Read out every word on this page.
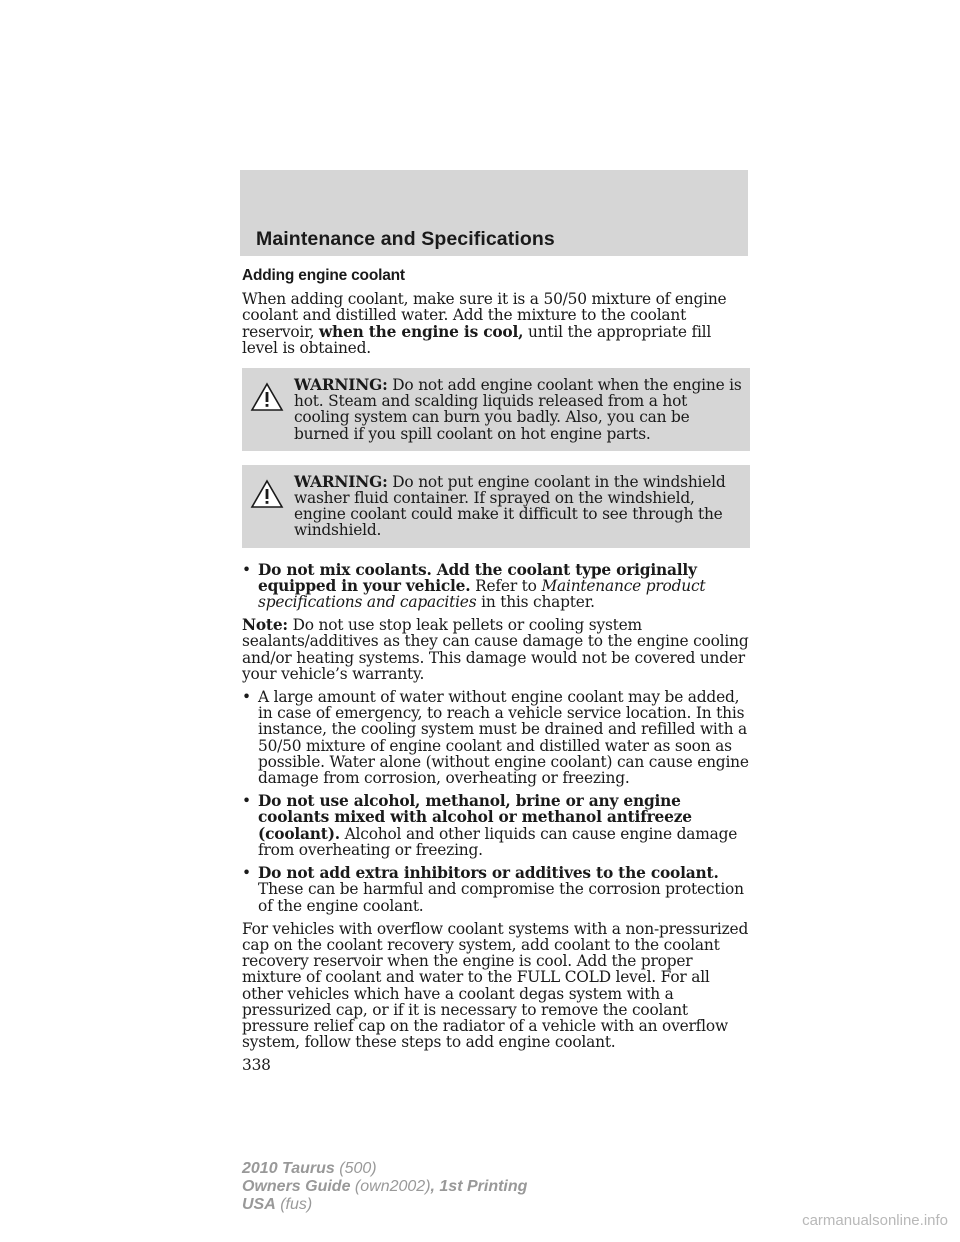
Maintenance and Specifications
Adding engine coolant

When adding coolant, make sure it is a 50/50 mixture of engine coolant and distilled water. Add the mixture to the coolant reservoir, when the engine is cool, until the appropriate fill level is obtained.

WARNING: Do not add engine coolant when the engine is hot. Steam and scalding liquids released from a hot cooling system can burn you badly. Also, you can be burned if you spill coolant on hot engine parts.
WARNING: Do not put engine coolant in the windshield washer fluid container. If sprayed on the windshield, engine coolant could make it difficult to see through the windshield.
• Do not mix coolants. Add the coolant type originally equipped in your vehicle. Refer to Maintenance product specifications and capacities in this chapter.

Note: Do not use stop leak pellets or cooling system sealants/additives as they can cause damage to the engine cooling and/or heating systems. This damage would not be covered under your vehicle’s warranty.

• A large amount of water without engine coolant may be added, in case of emergency, to reach a vehicle service location. In this instance, the cooling system must be drained and refilled with a 50/50 mixture of engine coolant and distilled water as soon as possible. Water alone (without engine coolant) can cause engine damage from corrosion, overheating or freezing.
• Do not use alcohol, methanol, brine or any engine coolants mixed with alcohol or methanol antifreeze (coolant). Alcohol and other liquids can cause engine damage from overheating or freezing.
• Do not add extra inhibitors or additives to the coolant. These can be harmful and compromise the corrosion protection of the engine coolant.

For vehicles with overflow coolant systems with a non-pressurized cap on the coolant recovery system, add coolant to the coolant recovery reservoir when the engine is cool. Add the proper mixture of coolant and water to the FULL COLD level. For all other vehicles which have a coolant degas system with a pressurized cap, or if it is necessary to remove the coolant pressure relief cap on the radiator of a vehicle with an overflow system, follow these steps to add engine coolant.

338
2010 Taurus (500)
Owners Guide (own2002), 1st Printing
USA (fus)
carmanualsonline.info
